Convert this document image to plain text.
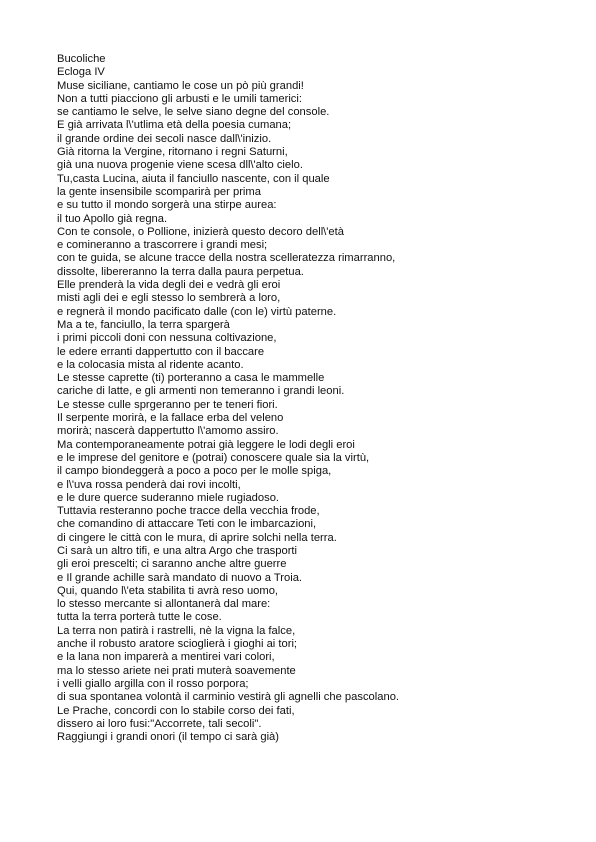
Bucoliche
Ecloga IV
Muse siciliane, cantiamo le cose un pò più grandi!
Non a tutti piacciono gli arbusti e le umili tamerici:
se cantiamo le selve, le selve siano degne del console.
E già arrivata l\'utlima età della poesia cumana;
il grande ordine dei secoli nasce dall\'inizio.
Già ritorna la Vergine, ritornano i regni Saturni,
già una nuova progenie viene scesa dll\'alto cielo.
Tu,casta Lucina, aiuta il fanciullo nascente, con il quale
la gente insensibile scomparirà per prima
e su tutto il mondo sorgerà una stirpe aurea:
il tuo Apollo già regna.
Con te console, o Pollione, inizierà questo decoro dell\'età
e comineranno a trascorrere i grandi mesi;
con te guida, se alcune tracce della nostra scelleratezza rimarranno,
dissolte, libereranno la terra dalla paura perpetua.
Elle prenderà la vida degli dei e vedrà gli eroi
misti agli dei e egli stesso lo sembrerà a loro,
e regnerà il mondo pacificato dalle (con le) virtù paterne.
Ma a te, fanciullo, la terra spargerà
i primi piccoli doni con nessuna coltivazione,
le edere erranti dappertutto con il baccare
e la colocasia mista al ridente acanto.
Le stesse caprette (ti) porteranno a casa le mammelle
cariche di latte, e gli armenti non temeranno i grandi leoni.
Le stesse culle sprgeranno per te teneri fiori.
Il serpente morirà, e la fallace erba del veleno
morirà; nascerà dappertutto l\'amomo assiro.
Ma contemporaneamente potrai già leggere le lodi degli eroi
e le imprese del genitore e (potrai) conoscere quale sia la virtù,
il campo biondeggerà a poco a poco per le molle spiga,
e l\'uva rossa penderà dai rovi incolti,
e le dure querce suderanno miele rugiadoso.
Tuttavia resteranno poche tracce della vecchia frode,
che comandino di attaccare Teti con le imbarcazioni,
di cingere le città con le mura, di aprire solchi nella terra.
Ci sarà un altro tifi, e una altra Argo che trasporti
gli eroi prescelti; ci saranno anche altre guerre
e Il grande achille sarà mandato di nuovo a Troia.
Qui, quando l\'eta stabilita ti avrà reso uomo,
lo stesso mercante si allontanerà dal mare:
tutta la terra porterà tutte le cose.
La terra non patirà i rastrelli, nè la vigna la falce,
anche il robusto aratore scioglierà i gioghi ai tori;
e la lana non imparerà a mentirei vari colori,
ma lo stesso ariete nei prati muterà soavemente
i velli giallo argilla con il rosso porpora;
di sua spontanea volontà il carminio vestirà gli agnelli che pascolano.
Le Prache, concordi con lo stabile corso dei fati,
dissero ai loro fusi:"Accorrete, tali secoli".
Raggiungi i grandi onori (il tempo ci sarà già)
